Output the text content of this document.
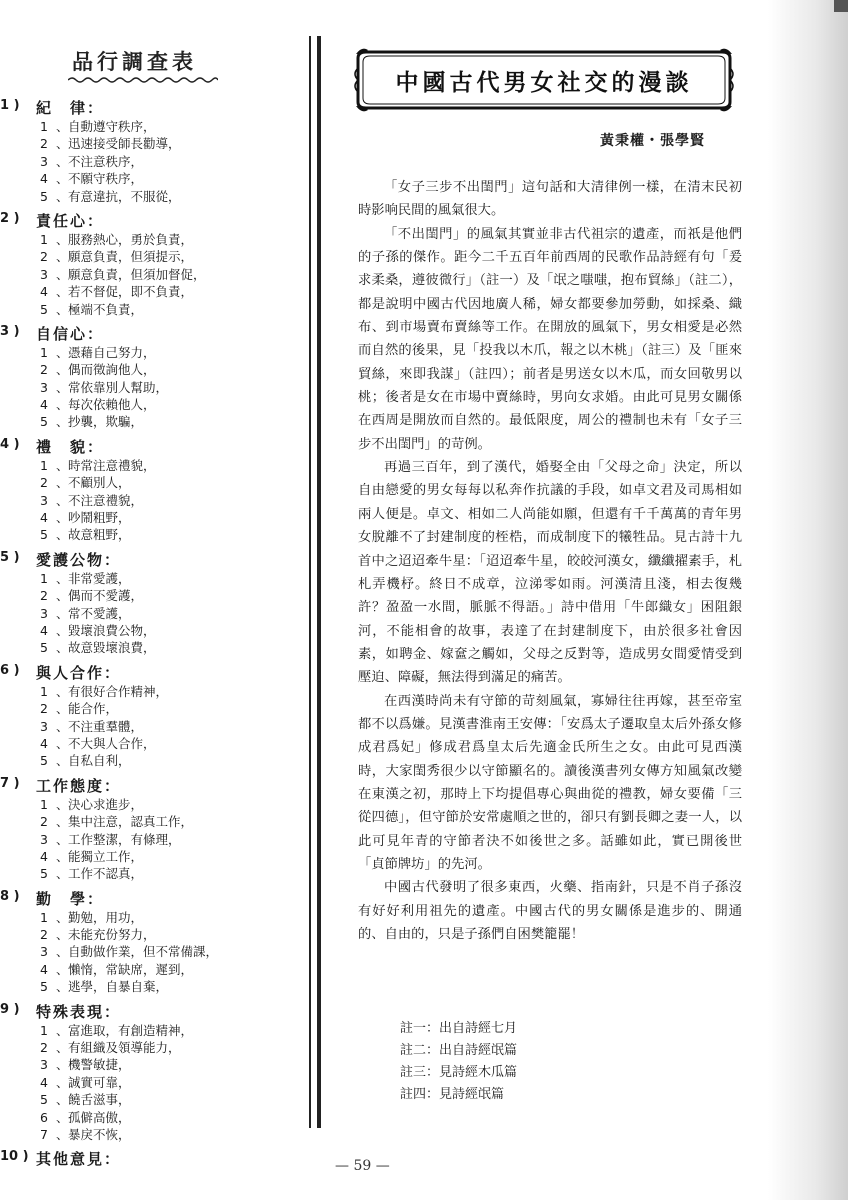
品行調查表
1 ) 紀　律：
1 、自動遵守秩序，
2 、迅速接受師長勸導，
3 、不注意秩序，
4 、不願守秩序，
5 、有意違抗，不服從，
2 ) 責任心：
1 、服務熱心，勇於負責，
2 、願意負責，但須提示，
3 、願意負責，但須加督促，
4 、若不督促，即不負責，
5 、極端不負責，
3 ) 自信心：
1 、憑藉自己努力，
2 、偶而徵詢他人，
3 、常依靠別人幫助，
4 、每次依賴他人，
5 、抄襲，欺騙，
4 ) 禮　貌：
1 、時常注意禮貌，
2 、不顧別人，
3 、不注意禮貌，
4 、吵鬧粗野，
5 、故意粗野，
5 ) 愛護公物：
1 、非常愛護，
2 、偶而不愛護，
3 、常不愛護，
4 、毀壞浪費公物，
5 、故意毀壞浪費，
6 ) 與人合作：
1 、有很好合作精神，
2 、能合作，
3 、不注重羣體，
4 、不大與人合作，
5 、自私自利，
7 ) 工作態度：
1 、決心求進步，
2 、集中注意，認真工作，
3 、工作整潔，有條理，
4 、能獨立工作，
5 、工作不認真，
8 ) 勤　學：
1 、勤勉，用功，
2 、未能充份努力，
3 、自動做作業，但不常備課，
4 、懶惰，常缺席，遲到，
5 、逃學，自暴自棄，
9 ) 特殊表現：
1 、富進取，有創造精神，
2 、有組織及領導能力，
3 、機警敏捷，
4 、誠實可靠，
5 、饒舌滋事，
6 、孤僻高傲，
7 、暴戾不恢，
10 ) 其他意見：
中國古代男女社交的漫談
黃秉權・張學賢

「女子三步不出閨門」這句話和大清律例一樣，在清末民初時影响民間的風氣很大。

「不出閨門」的風氣其實並非古代祖宗的遺產，而祇是他們的子孫的傑作。距今二千五百年前西周的民歌作品詩經有句「爰求柔桑，遵彼微行」（註一）及「氓之嗤嗤，抱布貿絲」（註二），都是說明中國古代因地廣人稀，婦女都要參加勞動，如採桑、織布、到市場賣布賣絲等工作。在開放的風氣下，男女相愛是必然而自然的後果，見「投我以木爪，報之以木桃」（註三）及「匪來貿絲，來即我謀」（註四）；前者是男送女以木瓜，而女回敬男以桃；後者是女在市場中賣絲時，男向女求婚。由此可見男女關係在西周是開放而自然的。最低限度，周公的禮制也未有「女子三步不出閨門」的苛例。

再過三百年，到了漢代，婚娶全由「父母之命」決定，所以自由戀愛的男女每每以私奔作抗議的手段，如卓文君及司馬相如兩人便是。卓文、相如二人尚能如願，但還有千千萬萬的青年男女脫離不了封建制度的桎梏，而成制度下的犧牲品。見古詩十九首中之迢迢牽牛星：「迢迢牽牛星，皎皎河漢女，纖纖擢素手，札札弄機杼。終日不成章，泣涕零如雨。河漢清且淺，相去復幾許？盈盈一水間，脈脈不得語。」詩中借用「牛郎織女」困阻銀河，不能相會的故事，表達了在封建制度下，由於很多社會因素，如聘金、嫁奩之觸如，父母之反對等，造成男女間愛情受到壓迫、障礙，無法得到滿足的痛苦。

在西漢時尚未有守節的苛刻風氣，寡婦往往再嫁，甚至帝室都不以爲嫌。見漢書淮南王安傳：「安爲太子遷取皇太后外孫女修成君爲妃」修成君爲皇太后先適金氏所生之女。由此可見西漢時，大家閨秀很少以守節顯名的。讀後漢書列女傳方知風氣改變在東漢之初，那時上下均提倡專心與曲從的禮教，婦女要備「三從四德」，但守節於安常處順之世的，卻只有劉長卿之妻一人，以此可見年青的守節者決不如後世之多。話雖如此，實已開後世「貞節牌坊」的先河。

中國古代發明了很多東西，火藥、指南針，只是不肖子孫沒有好好利用祖先的遺產。中國古代的男女關係是進步的、開通的、自由的，只是子孫們自困樊籠罷！

註一：出自詩經七月
註二：出自詩經氓篇
註三：見詩經木瓜篇
註四：見詩經氓篇
— 59 —
